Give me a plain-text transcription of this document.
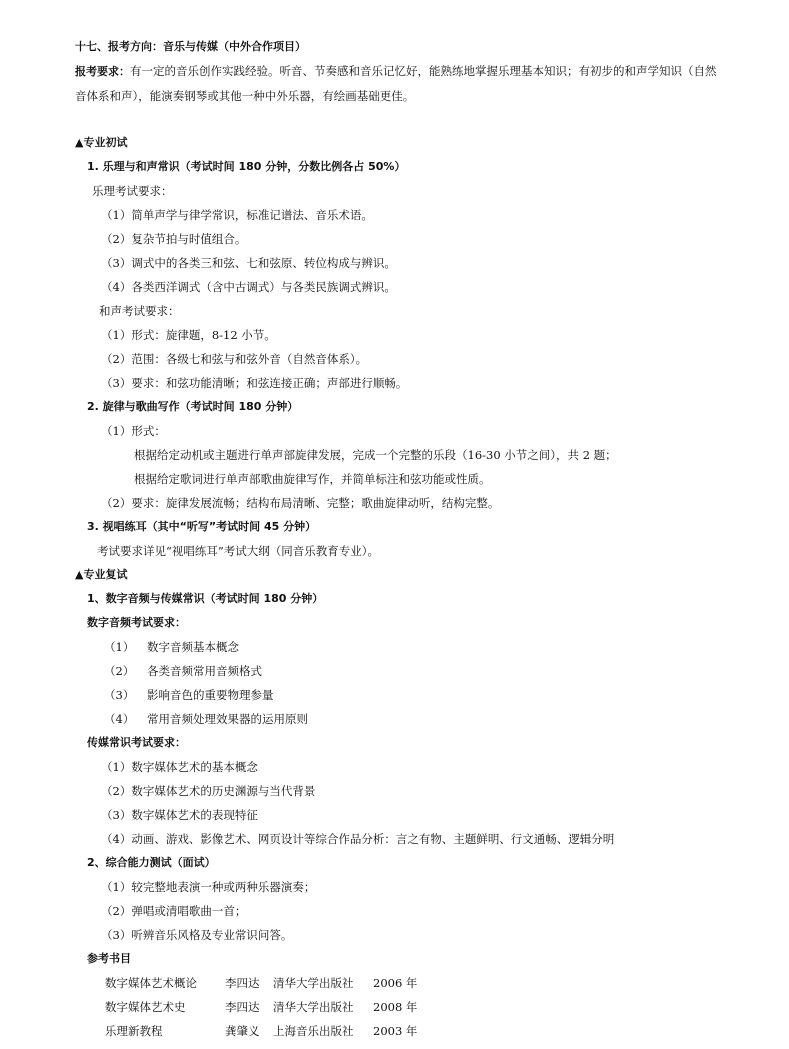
十七、报考方向：音乐与传媒（中外合作项目）
报考要求：有一定的音乐创作实践经验。听音、节奏感和音乐记忆好，能熟练地掌握乐理基本知识；有初步的和声学知识（自然音体系和声），能演奏钢琴或其他一种中外乐器，有绘画基础更佳。
▲专业初试
1. 乐理与和声常识（考试时间 180 分钟，分数比例各占 50%）
乐理考试要求：
（1）简单声学与律学常识，标准记谱法、音乐术语。
（2）复杂节拍与时值组合。
（3）调式中的各类三和弦、七和弦原、转位构成与辨识。
（4）各类西洋调式（含中古调式）与各类民族调式辨识。
和声考试要求：
（1）形式：旋律题，8-12 小节。
（2）范围：各级七和弦与和弦外音（自然音体系）。
（3）要求：和弦功能清晰；和弦连接正确；声部进行顺畅。
2. 旋律与歌曲写作（考试时间 180 分钟）
（1）形式：
根据给定动机或主题进行单声部旋律发展，完成一个完整的乐段（16-30 小节之间），共 2 题；
根据给定歌词进行单声部歌曲旋律写作，并简单标注和弦功能或性质。
（2）要求：旋律发展流畅；结构布局清晰、完整；歌曲旋律动听，结构完整。
3. 视唱练耳（其中“听写”考试时间 45 分钟）
考试要求详见“视唱练耳”考试大纲（同音乐教育专业）。
▲专业复试
1、数字音频与传媒常识（考试时间 180 分钟）
数字音频考试要求：
（1） 数字音频基本概念
（2） 各类音频常用音频格式
（3） 影响音色的重要物理参量
（4） 常用音频处理效果器的运用原则
传媒常识考试要求：
（1）数字媒体艺术的基本概念
（2）数字媒体艺术的历史渊源与当代背景
（3）数字媒体艺术的表现特征
（4）动画、游戏、影像艺术、网页设计等综合作品分析：言之有物、主题鲜明、行文通畅、逻辑分明
2、综合能力测试（面试）
（1）较完整地表演一种或两种乐器演奏；
（2）弹唱或清唱歌曲一首；
（3）听辨音乐风格及专业常识问答。
参考书目
数字媒体艺术概论 李四达 清华大学出版社 2006 年
数字媒体艺术史	李四达 清华大学出版社 2008 年
乐理新教程	龚肇义 上海音乐出版社 2003 年
